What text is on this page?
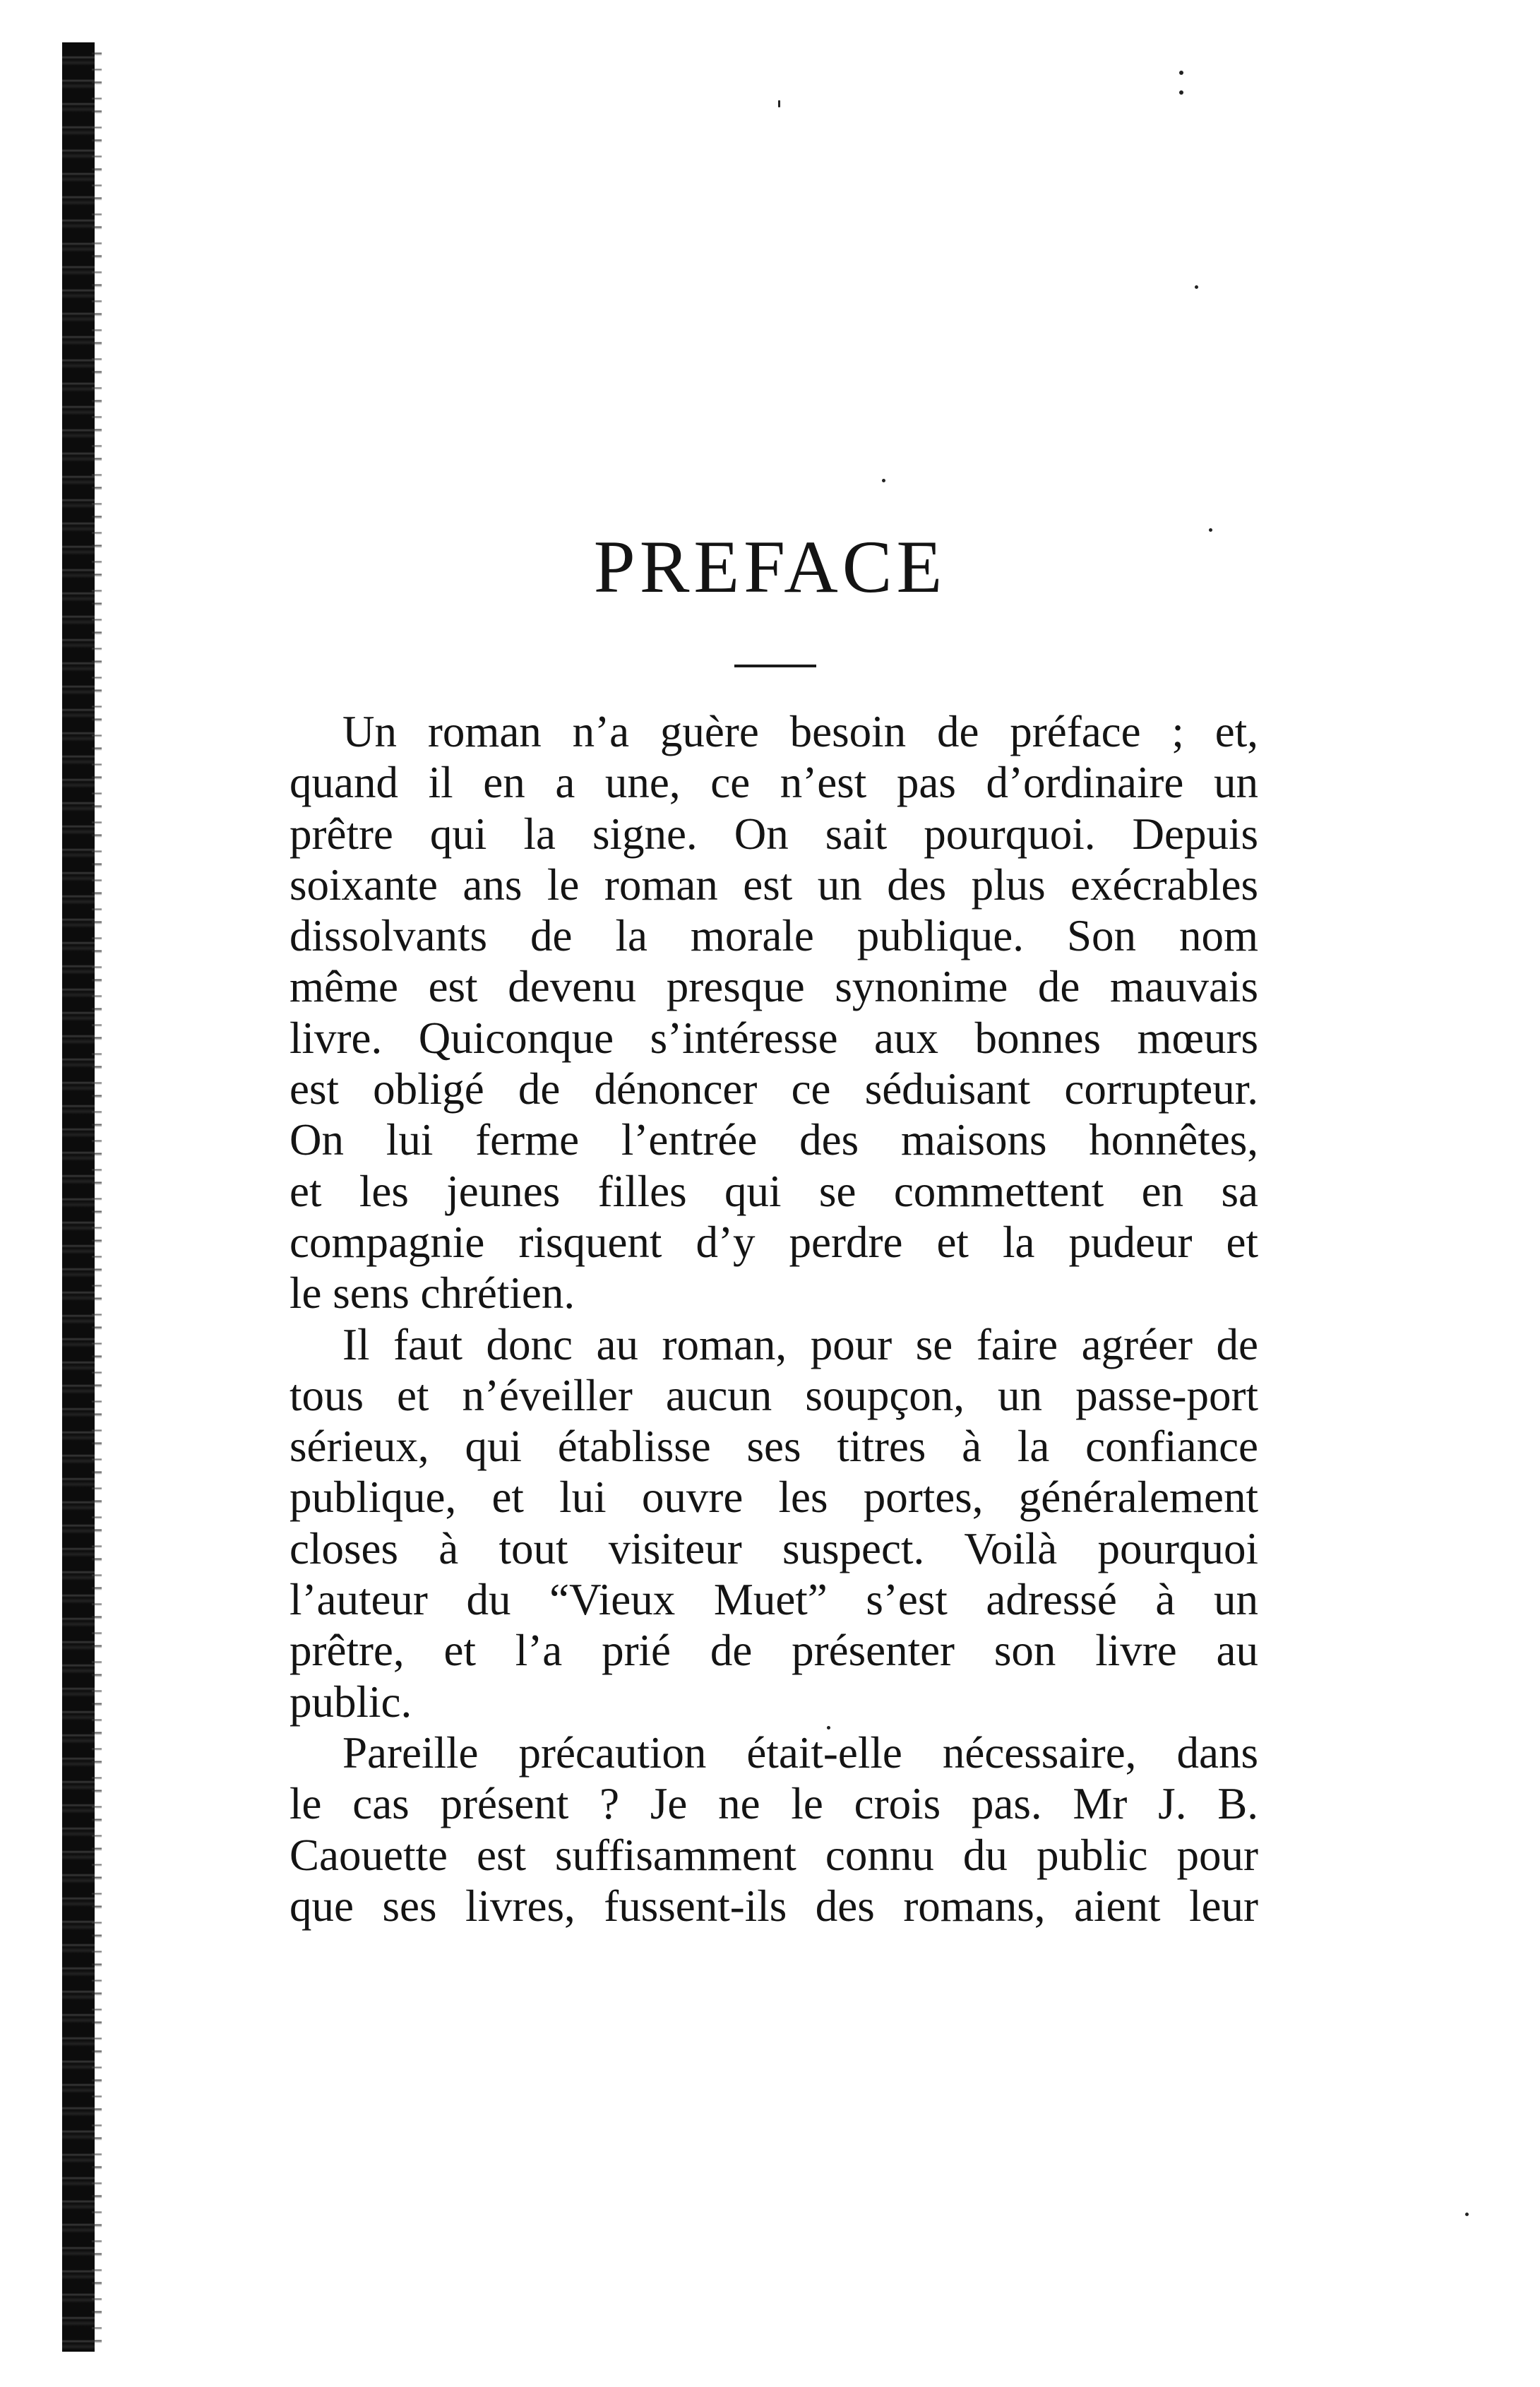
PREFACE
Un roman n’a guère besoin de préface ; et,
quand il en a une, ce n’est pas d’ordinaire un
prêtre qui la signe. On sait pourquoi. Depuis
soixante ans le roman est un des plus exécrables
dissolvants de la morale publique. Son nom
même est devenu presque synonime de mauvais
livre. Quiconque s’intéresse aux bonnes mœurs
est obligé de dénoncer ce séduisant corrupteur.
On lui ferme l’entrée des maisons honnêtes,
et les jeunes filles qui se commettent en sa
compagnie risquent d’y perdre et la pudeur et
le sens chrétien.
Il faut donc au roman, pour se faire agréer de
tous et n’éveiller aucun soupçon, un passe-port
sérieux, qui établisse ses titres à la confiance
publique, et lui ouvre les portes, généralement
closes à tout visiteur suspect. Voilà pourquoi
l’auteur du “Vieux Muet” s’est adressé à un
prêtre, et l’a prié de présenter son livre au
public.
Pareille précaution était-elle nécessaire, dans
le cas présent ? Je ne le crois pas. Mr J. B.
Caouette est suffisamment connu du public pour
que ses livres, fussent-ils des romans, aient leur
